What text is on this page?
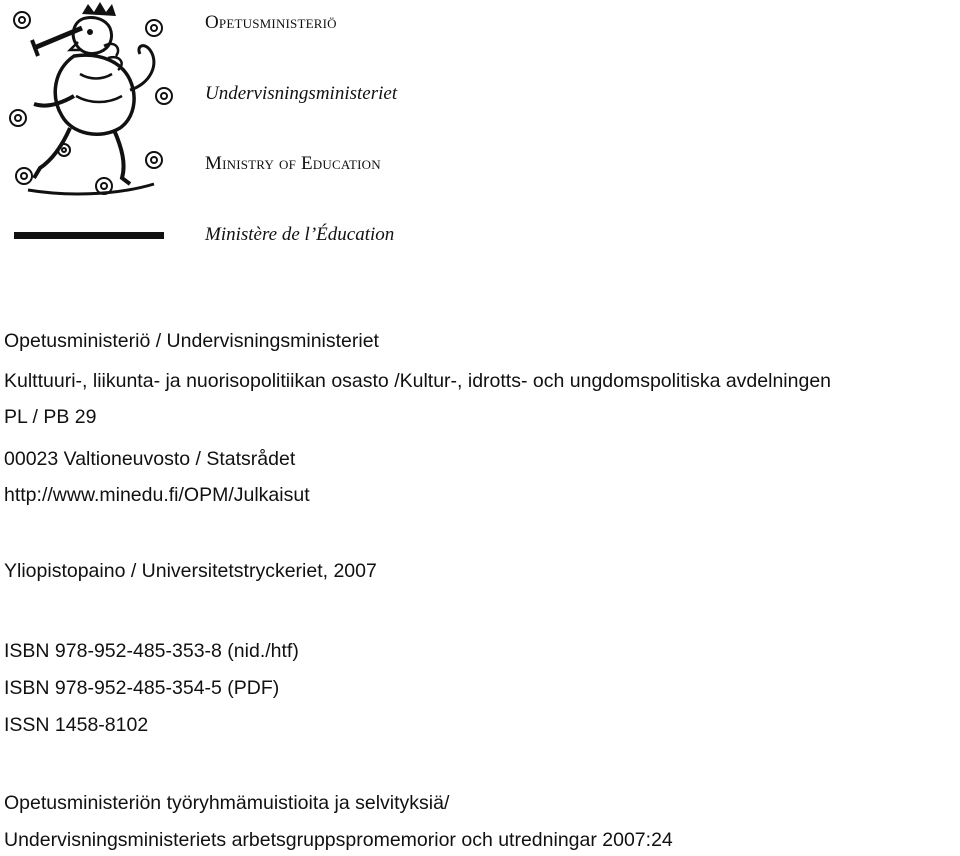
Opetusministeriö
Undervisningsministeriet
Ministry of Education
Ministère de l’Éducation
Opetusministeriö / Undervisningsministeriet
Kulttuuri-, liikunta- ja nuorisopolitiikan osasto /Kultur-, idrotts- och ungdomspolitiska avdelningen
PL / PB 29
00023 Valtioneuvosto / Statsrådet
http://www.minedu.fi/OPM/Julkaisut
Yliopistopaino / Universitetstryckeriet, 2007
ISBN 978-952-485-353-8 (nid./htf)
ISBN 978-952-485-354-5 (PDF)
ISSN 1458-8102
Opetusministeriön työryhmämuistioita ja selvityksiä/
Undervisningsministeriets arbetsgruppspromemorior och utredningar 2007:24
